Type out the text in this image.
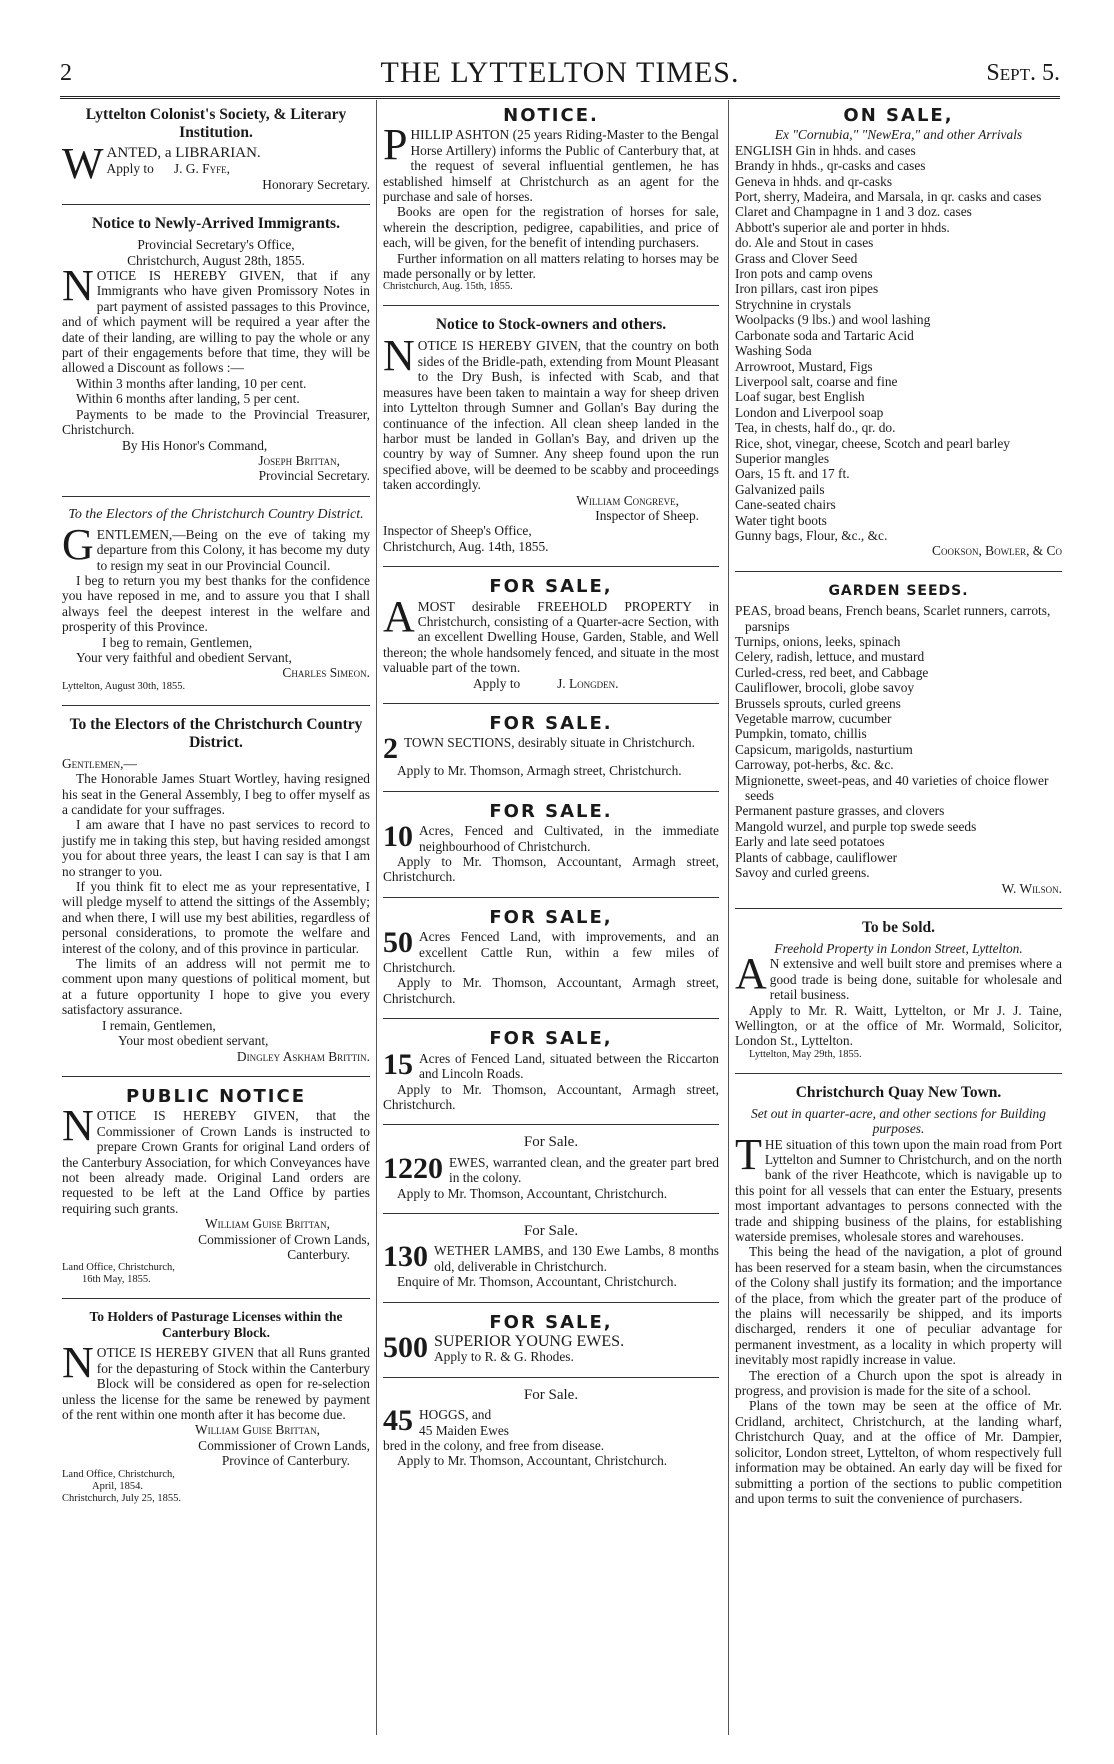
2	THE LYTTELTON TIMES.	Sept. 5.
Lyttelton Colonist's Society, & Literary Institution.

WANTED, a LIBRARIAN.

Apply to J. G. Fyfe,

Honorary Secretary.

Notice to Newly-Arrived Immigrants.

Provincial Secretary's Office,

Christchurch, August 28th, 1855.

NOTICE IS HEREBY GIVEN, that if any Immigrants who have given Promissory Notes in part payment of assisted passages to this Province, and of which payment will be required a year after the date of their landing, are willing to pay the whole or any part of their engagements before that time, they will be allowed a Discount as follows :—

Within 3 months after landing, 10 per cent.

Within 6 months after landing, 5 per cent.

Payments to be made to the Provincial Treasurer, Christchurch.

By His Honor's Command,

Joseph Brittan,

Provincial Secretary.

To the Electors of the Christchurch Country District.

GENTLEMEN,—Being on the eve of taking my departure from this Colony, it has become my duty to resign my seat in our Provincial Council.

I beg to return you my best thanks for the confidence you have reposed in me, and to assure you that I shall always feel the deepest interest in the welfare and prosperity of this Province.

I beg to remain, Gentlemen,

Your very faithful and obedient Servant,

Charles Simeon.

Lyttelton, August 30th, 1855.

To the Electors of the Christchurch Country District.

Gentlemen,—

The Honorable James Stuart Wortley, having resigned his seat in the General Assembly, I beg to offer myself as a candidate for your suffrages.

I am aware that I have no past services to record to justify me in taking this step, but having resided amongst you for about three years, the least I can say is that I am no stranger to you.

If you think fit to elect me as your representative, I will pledge myself to attend the sittings of the Assembly; and when there, I will use my best abilities, regardless of personal considerations, to promote the welfare and interest of the colony, and of this province in particular.

The limits of an address will not permit me to comment upon many questions of political moment, but at a future opportunity I hope to give you every satisfactory assurance.

I remain, Gentlemen,

Your most obedient servant,

Dingley Askham Brittin.

PUBLIC NOTICE

NOTICE IS HEREBY GIVEN, that the Commissioner of Crown Lands is instructed to prepare Crown Grants for original Land orders of the Canterbury Association, for which Conveyances have not been already made. Original Land orders are requested to be left at the Land Office by parties requiring such grants.

William Guise Brittan,

Commissioner of Crown Lands,

Canterbury.

Land Office, Christchurch,

16th May, 1855.

To Holders of Pasturage Licenses within the Canterbury Block.

NOTICE IS HEREBY GIVEN that all Runs granted for the depasturing of Stock within the Canterbury Block will be considered as open for re-selection unless the license for the same be renewed by payment of the rent within one month after it has become due.

William Guise Brittan,

Commissioner of Crown Lands,

Province of Canterbury.

Land Office, Christchurch,

April, 1854.

Christchurch, July 25, 1855.

NOTICE.

PHILLIP ASHTON (25 years Riding-Master to the Bengal Horse Artillery) informs the Public of Canterbury that, at the request of several influential gentlemen, he has established himself at Christchurch as an agent for the purchase and sale of horses.

Books are open for the registration of horses for sale, wherein the description, pedigree, capabilities, and price of each, will be given, for the benefit of intending purchasers.

Further information on all matters relating to horses may be made personally or by letter.

Christchurch, Aug. 15th, 1855.

Notice to Stock-owners and others.

NOTICE IS HEREBY GIVEN, that the country on both sides of the Bridle-path, extending from Mount Pleasant to the Dry Bush, is infected with Scab, and that measures have been taken to maintain a way for sheep driven into Lyttelton through Sumner and Gollan's Bay during the continuance of the infection. All clean sheep landed in the harbor must be landed in Gollan's Bay, and driven up the country by way of Sumner. Any sheep found upon the run specified above, will be deemed to be scabby and proceedings taken accordingly.

William Congreve,

Inspector of Sheep.

Inspector of Sheep's Office,

Christchurch, Aug. 14th, 1855.

FOR SALE,

AMOST desirable FREEHOLD PROPERTY in Christchurch, consisting of a Quarter-acre Section, with an excellent Dwelling House, Garden, Stable, and Well thereon; the whole handsomely fenced, and situate in the most valuable part of the town.

Apply to	J. Longden.

FOR SALE.
2 TOWN SECTIONS, desirably situate in Christchurch.

Apply to Mr. Thomson, Armagh street, Christchurch.

FOR SALE.
10 Acres, Fenced and Cultivated, in the immediate neighbourhood of Christchurch.

Apply to Mr. Thomson, Accountant, Armagh street, Christchurch.

FOR SALE,
50 Acres Fenced Land, with improvements, and an excellent Cattle Run, within a few miles of Christchurch.

Apply to Mr. Thomson, Accountant, Armagh street, Christchurch.

FOR SALE,
15 Acres of Fenced Land, situated between the Riccarton and Lincoln Roads.

Apply to Mr. Thomson, Accountant, Armagh street, Christchurch.

For Sale.
1220 EWES, warranted clean, and the greater part bred in the colony.

Apply to Mr. Thomson, Accountant, Christchurch.

For Sale.
130 WETHER LAMBS, and 130 Ewe Lambs, 8 months old, deliverable in Christchurch.

Enquire of Mr. Thomson, Accountant, Christchurch.

FOR SALE,
500 SUPERIOR YOUNG EWES.

Apply to R. & G. Rhodes.

For Sale.
45 HOGGS, and

45 Maiden Ewes

bred in the colony, and free from disease.

Apply to Mr. Thomson, Accountant, Christchurch.

ON SALE,

Ex "Cornubia," "NewEra," and other Arrivals

ENGLISH Gin in hhds. and cases

Brandy in hhds., qr-casks and cases

Geneva in hhds. and qr-casks

Port, sherry, Madeira, and Marsala, in qr. casks and cases

Claret and Champagne in 1 and 3 doz. cases

Abbott's superior ale and porter in hhds.

do. Ale and Stout in cases

Grass and Clover Seed

Iron pots and camp ovens

Iron pillars, cast iron pipes

Strychnine in crystals

Woolpacks (9 lbs.) and wool lashing

Carbonate soda and Tartaric Acid

Washing Soda

Arrowroot, Mustard, Figs

Liverpool salt, coarse and fine

Loaf sugar, best English

London and Liverpool soap

Tea, in chests, half do., qr. do.

Rice, shot, vinegar, cheese, Scotch and pearl barley

Superior mangles

Oars, 15 ft. and 17 ft.

Galvanized pails

Cane-seated chairs

Water tight boots

Gunny bags, Flour, &c., &c.

Cookson, Bowler, & Co

GARDEN SEEDS.

PEAS, broad beans, French beans, Scarlet runners, carrots, parsnips

Turnips, onions, leeks, spinach

Celery, radish, lettuce, and mustard

Curled-cress, red beet, and Cabbage

Cauliflower, brocoli, globe savoy

Brussels sprouts, curled greens

Vegetable marrow, cucumber

Pumpkin, tomato, chillis

Capsicum, marigolds, nasturtium

Carroway, pot-herbs, &c. &c.

Mignionette, sweet-peas, and 40 varieties of choice flower seeds

Permanent pasture grasses, and clovers

Mangold wurzel, and purple top swede seeds

Early and late seed potatoes

Plants of cabbage, cauliflower

Savoy and curled greens.

W. Wilson.

To be Sold.

Freehold Property in London Street, Lyttelton.

AN extensive and well built store and premises where a good trade is being done, suitable for wholesale and retail business.

Apply to Mr. R. Waitt, Lyttelton, or Mr J. J. Taine, Wellington, or at the office of Mr. Wormald, Solicitor, London St., Lyttelton.

Lyttelton, May 29th, 1855.

Christchurch Quay New Town.

Set out in quarter-acre, and other sections for Building purposes.

THE situation of this town upon the main road from Port Lyttelton and Sumner to Christchurch, and on the north bank of the river Heathcote, which is navigable up to this point for all vessels that can enter the Estuary, presents most important advantages to persons connected with the trade and shipping business of the plains, for establishing waterside premises, wholesale stores and warehouses.

This being the head of the navigation, a plot of ground has been reserved for a steam basin, when the circumstances of the Colony shall justify its formation; and the importance of the place, from which the greater part of the produce of the plains will necessarily be shipped, and its imports discharged, renders it one of peculiar advantage for permanent investment, as a locality in which property will inevitably most rapidly increase in value.

The erection of a Church upon the spot is already in progress, and provision is made for the site of a school.

Plans of the town may be seen at the office of Mr. Cridland, architect, Christchurch, at the landing wharf, Christchurch Quay, and at the office of Mr. Dampier, solicitor, London street, Lyttelton, of whom respectively full information may be obtained. An early day will be fixed for submitting a portion of the sections to public competition and upon terms to suit the convenience of purchasers.
